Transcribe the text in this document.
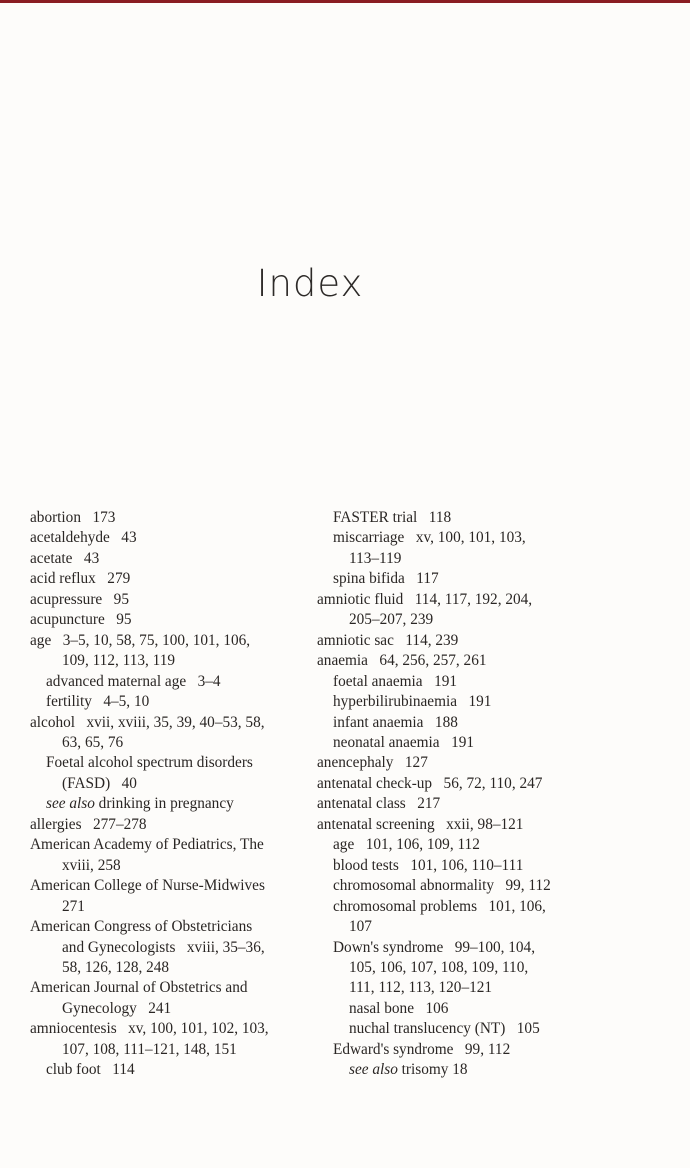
Index
abortion   173
acetaldehyde   43
acetate   43
acid reflux   279
acupressure   95
acupuncture   95
age   3–5, 10, 58, 75, 100, 101, 106,
109, 112, 113, 119
advanced maternal age   3–4
fertility   4–5, 10
alcohol   xvii, xviii, 35, 39, 40–53, 58,
63, 65, 76
Foetal alcohol spectrum disorders
(FASD)   40
see also drinking in pregnancy
allergies   277–278
American Academy of Pediatrics, The
xviii, 258
American College of Nurse-Midwives
271
American Congress of Obstetricians
and Gynecologists   xviii, 35–36,
58, 126, 128, 248
American Journal of Obstetrics and
Gynecology   241
amniocentesis   xv, 100, 101, 102, 103,
107, 108, 111–121, 148, 151
club foot   114
FASTER trial   118
miscarriage   xv, 100, 101, 103,
113–119
spina bifida   117
amniotic fluid   114, 117, 192, 204,
205–207, 239
amniotic sac   114, 239
anaemia   64, 256, 257, 261
foetal anaemia   191
hyperbilirubinaemia   191
infant anaemia   188
neonatal anaemia   191
anencephaly   127
antenatal check-up   56, 72, 110, 247
antenatal class   217
antenatal screening   xxii, 98–121
age   101, 106, 109, 112
blood tests   101, 106, 110–111
chromosomal abnormality   99, 112
chromosomal problems   101, 106,
107
Down's syndrome   99–100, 104,
105, 106, 107, 108, 109, 110,
111, 112, 113, 120–121
nasal bone   106
nuchal translucency (NT)   105
Edward's syndrome   99, 112
see also trisomy 18
